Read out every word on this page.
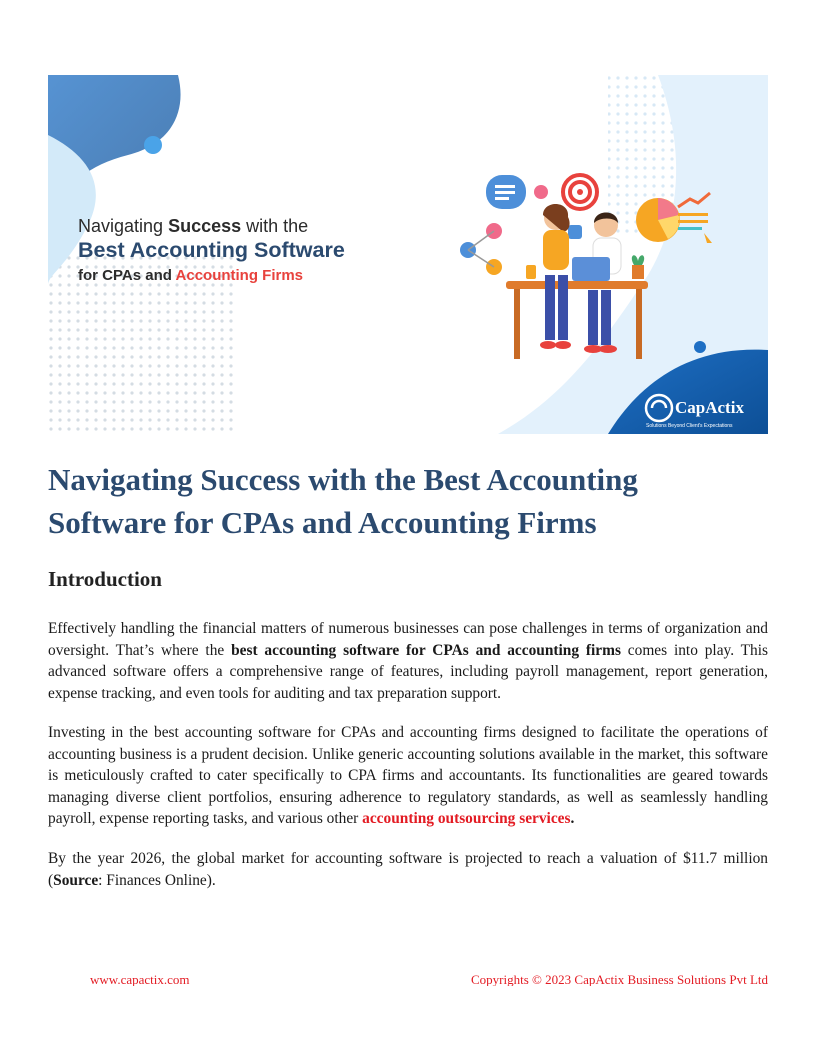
Navigating Success with the
Best Accounting Software
for CPAs and Accounting Firms
CapActix
Solutions Beyond Client's Expectations
Navigating Success with the Best Accounting Software for CPAs and Accounting Firms
Introduction

Effectively handling the financial matters of numerous businesses can pose challenges in terms of organization and oversight. That’s where the best accounting software for CPAs and accounting firms comes into play. This advanced software offers a comprehensive range of features, including payroll management, report generation, expense tracking, and even tools for auditing and tax preparation support.

Investing in the best accounting software for CPAs and accounting firms designed to facilitate the operations of accounting business is a prudent decision. Unlike generic accounting solutions available in the market, this software is meticulously crafted to cater specifically to CPA firms and accountants. Its functionalities are geared towards managing diverse client portfolios, ensuring adherence to regulatory standards, as well as seamlessly handling payroll, expense reporting tasks, and various other accounting outsourcing services.

By the year 2026, the global market for accounting software is projected to reach a valuation of $11.7 million (Source: Finances Online).

www.capactix.com	Copyrights © 2023 CapActix Business Solutions Pvt Ltd
